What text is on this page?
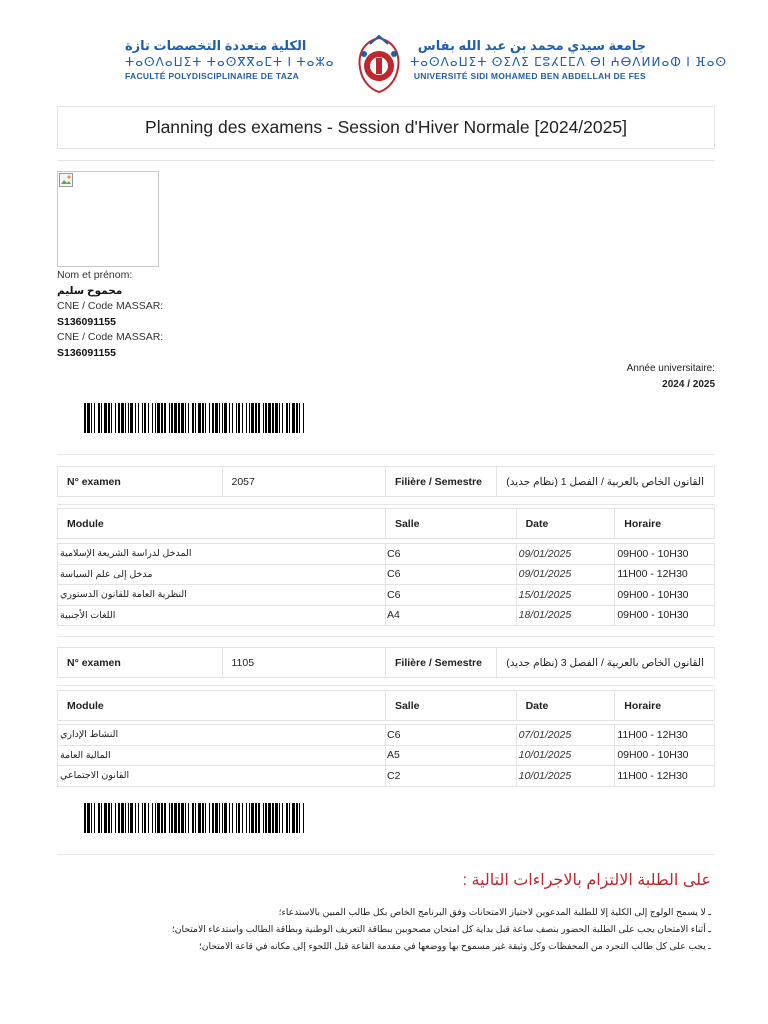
الكلية متعددة التخصصات تازة
ⵜⴰⵙⴷⴰⵡⵉⵜ ⵜⴰⵙⴳⴳⴰⵎⵜ ⵏ ⵜⴰⵣⴰ
FACULTÉ POLYDISCIPLINAIRE DE TAZA
جامعة سيدي محمد بن عبد الله بفاس
ⵜⴰⵙⴷⴰⵡⵉⵜ ⵙⵉⴷⵉ ⵎⵓⵃⵎⵎⴷ ⴱⵏ ⵄⴱⴷⵍⵍⴰⵀ ⵏ ⴼⴰⵙ
UNIVERSITÉ SIDI MOHAMED BEN ABDELLAH DE FES
Planning des examens - Session d'Hiver Normale [2024/2025]
Nom et prénom:
محموح سليم
CNE / Code MASSAR:
S136091155
CNE / Code MASSAR:
S136091155
Année universitaire:
2024 / 2025
N° examen	2057	Filière / Semestre	القانون الخاص بالعربية / الفصل 1 (نظام جديد)
Module	Salle	Date	Horaire
المدخل لدراسة الشريعة الإسلامية	C6	09/01/2025	09H00 - 10H30
مدخل إلى علم السياسة	C6	09/01/2025	11H00 - 12H30
النظرية العامة للقانون الدستوري	C6	15/01/2025	09H00 - 10H30
اللغات الأجنبية	A4	18/01/2025	09H00 - 10H30
N° examen	1105	Filière / Semestre	القانون الخاص بالعربية / الفصل 3 (نظام جديد)
Module	Salle	Date	Horaire
النشاط الإداري	C6	07/01/2025	11H00 - 12H30
المالية العامة	A5	10/01/2025	09H00 - 10H30
القانون الاجتماعي	C2	10/01/2025	11H00 - 12H30
على الطلبة الالتزام بالاجراءات التالية :
ـ لا يسمح الولوج إلى الكلية إلا للطلبة المدعوين لاجتياز الامتحانات وفق البرنامج الخاص بكل طالب المبين بالاستدعاء؛
ـ أثناء الامتحان يجب على الطلبة الحضور بنصف ساعة قبل بداية كل امتحان مصحوبين ببطاقة التعريف الوطنية وبطاقة الطالب واستدعاء الامتحان؛
ـ يجب على كل طالب التجرد من المحفظات وكل وثيقة غير مسموح بها ووضعها في مقدمة القاعة قبل اللجوء إلى مكانه في قاعة الامتحان؛
